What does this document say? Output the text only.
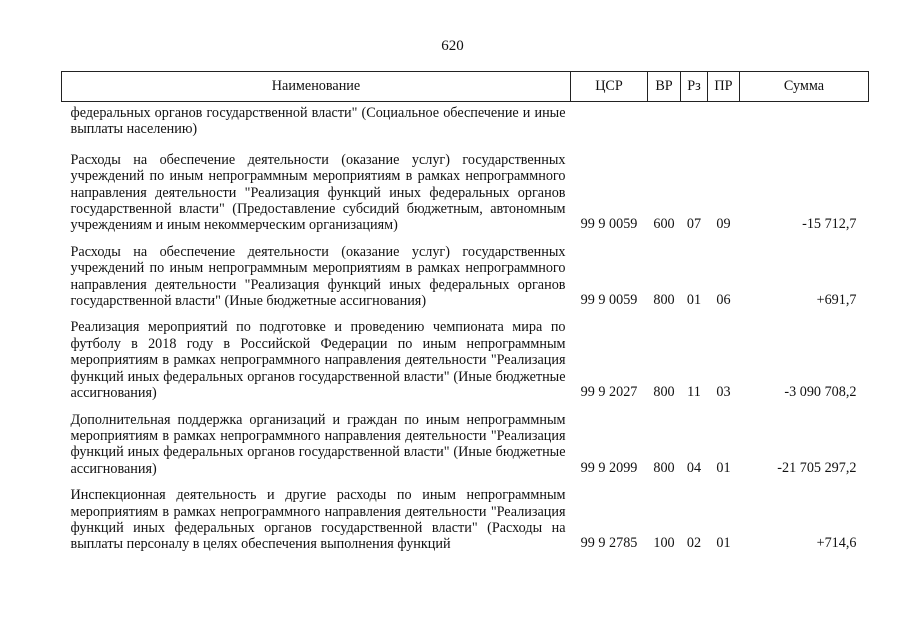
620
Наименование	ЦСР	ВР	Рз	ПР	Сумма
федеральных органов государственной власти" (Социальное обеспечение и иные выплаты населению)					
Расходы на обеспечение деятельности (оказание услуг) государственных учреждений по иным непрограммным мероприятиям в рамках непрограммного направления деятельности "Реализация функций иных федеральных органов государственной власти" (Предоставление субсидий бюджетным, автономным учреждениям и иным некоммерческим организациям)	99 9 0059	600	07	09	-15 712,7
Расходы на обеспечение деятельности (оказание услуг) государственных учреждений по иным непрограммным мероприятиям в рамках непрограммного направления деятельности "Реализация функций иных федеральных органов государственной власти" (Иные бюджетные ассигнования)	99 9 0059	800	01	06	+691,7
Реализация мероприятий по подготовке и проведению чемпионата мира по футболу в 2018 году в Российской Федерации по иным непрограммным мероприятиям в рамках непрограммного направления деятельности "Реализация функций иных федеральных органов государственной власти" (Иные бюджетные ассигнования)	99 9 2027	800	11	03	-3 090 708,2
Дополнительная поддержка организаций и граждан по иным непрограммным мероприятиям в рамках непрограммного направления деятельности "Реализация функций иных федеральных органов государственной власти" (Иные бюджетные ассигнования)	99 9 2099	800	04	01	-21 705 297,2
Инспекционная деятельность и другие расходы по иным непрограммным мероприятиям в рамках непрограммного направления деятельности "Реализация функций иных федеральных органов государственной власти" (Расходы на выплаты персоналу в целях обеспечения выполнения функций	99 9 2785	100	02	01	+714,6
